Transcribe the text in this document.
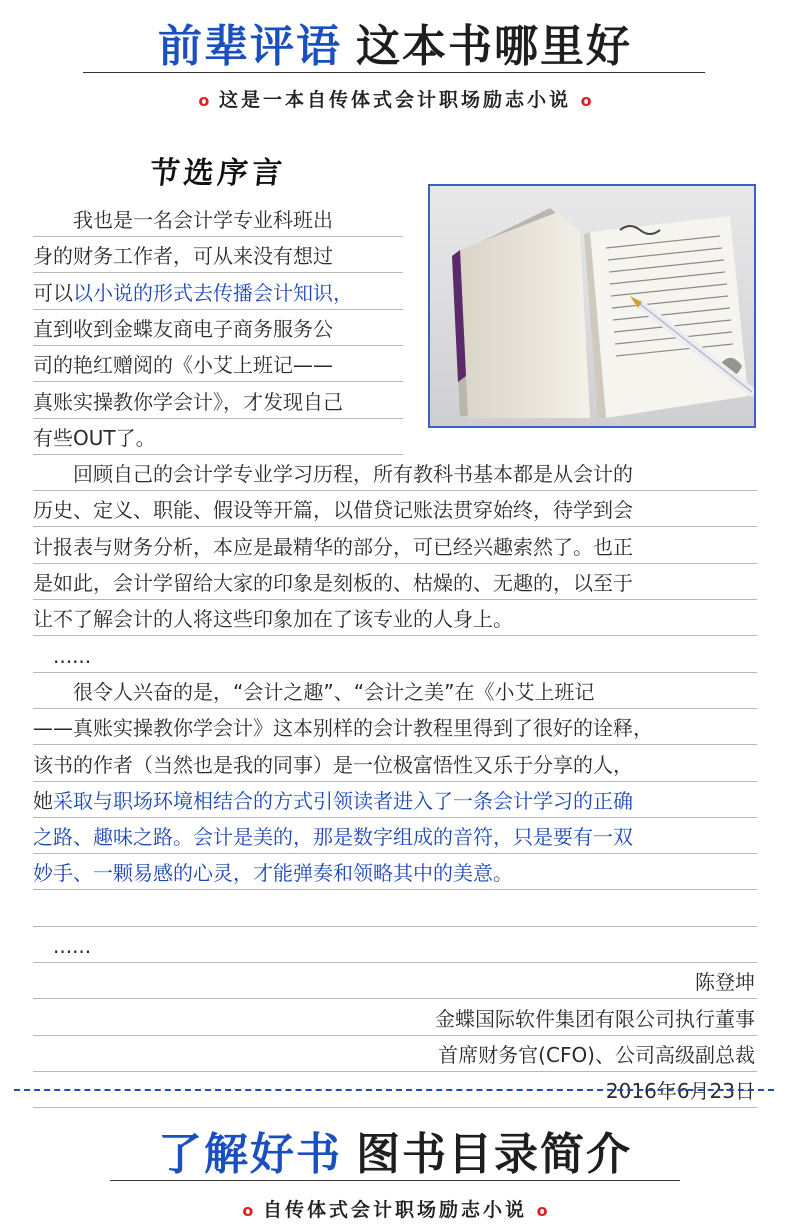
前辈评语 这本书哪里好
o 这是一本自传体式会计职场励志小说 o
节选序言
　　我也是一名会计学专业科班出
身的财务工作者，可从来没有想过
可以以小说的形式去传播会计知识，
直到收到金蝶友商电子商务服务公
司的艳红赠阅的《小艾上班记——
真账实操教你学会计》，才发现自己
有些OUT了。
　　回顾自己的会计学专业学习历程，所有教科书基本都是从会计的
历史、定义、职能、假设等开篇，以借贷记账法贯穿始终，待学到会
计报表与财务分析，本应是最精华的部分，可已经兴趣索然了。也正
是如此，会计学留给大家的印象是刻板的、枯燥的、无趣的，以至于
让不了解会计的人将这些印象加在了该专业的人身上。
　......
　　很令人兴奋的是，“会计之趣”、“会计之美”在《小艾上班记
——真账实操教你学会计》这本别样的会计教程里得到了很好的诠释，
该书的作者（当然也是我的同事）是一位极富悟性又乐于分享的人，
她采取与职场环境相结合的方式引领读者进入了一条会计学习的正确
之路、趣味之路。会计是美的，那是数字组成的音符，只是要有一双
妙手、一颗易感的心灵，才能弹奏和领略其中的美意。
　......
陈登坤
金蝶国际软件集团有限公司执行董事
首席财务官(CFO)、公司高级副总裁
2016年6月23日
了解好书 图书目录简介
o 自传体式会计职场励志小说 o
